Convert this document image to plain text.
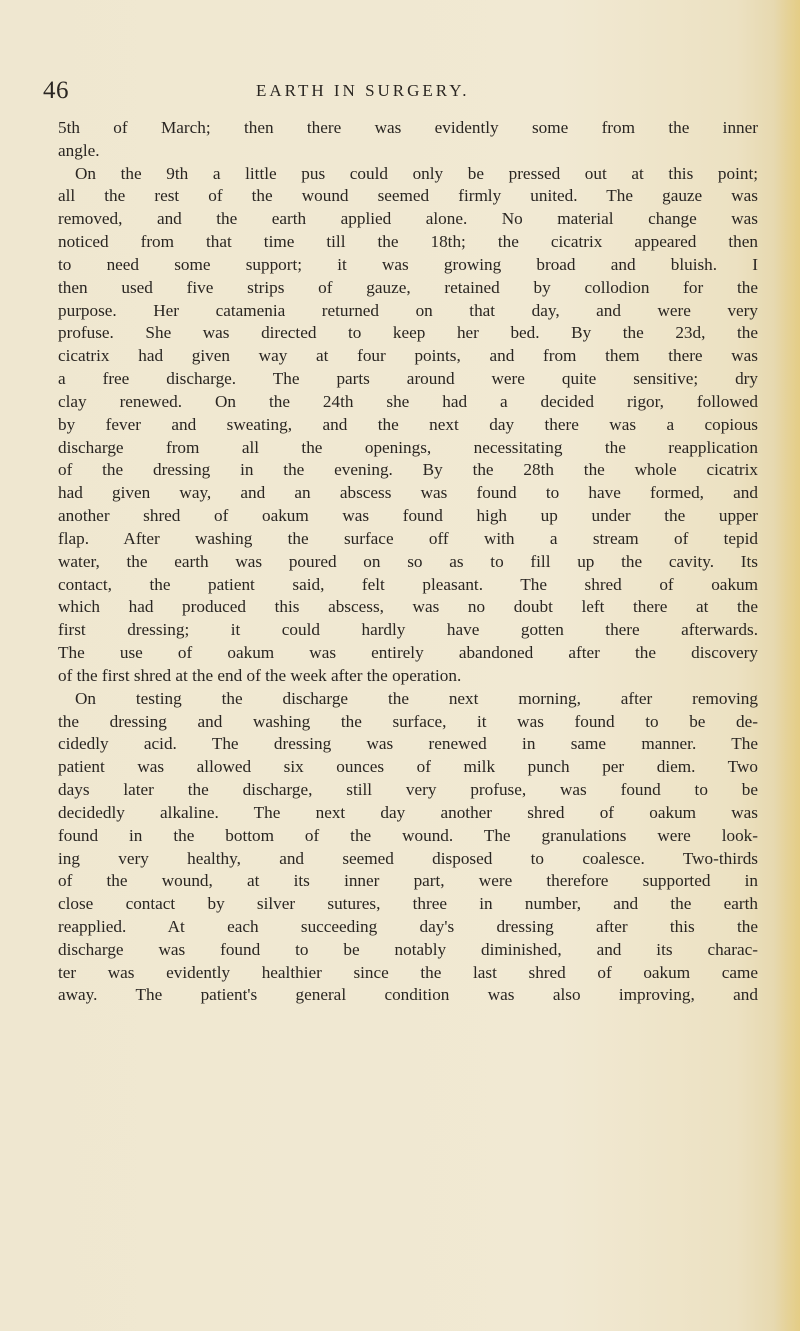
46	EARTH IN SURGERY.
5th of March; then there was evidently some from the inner
angle.
On the 9th a little pus could only be pressed out at this point;
all the rest of the wound seemed firmly united. The gauze was
removed, and the earth applied alone. No material change was
noticed from that time till the 18th; the cicatrix appeared then
to need some support; it was growing broad and bluish. I
then used five strips of gauze, retained by collodion for the
purpose. Her catamenia returned on that day, and were very
profuse. She was directed to keep her bed. By the 23d, the
cicatrix had given way at four points, and from them there was
a free discharge. The parts around were quite sensitive; dry
clay renewed. On the 24th she had a decided rigor, followed
by fever and sweating, and the next day there was a copious
discharge from all the openings, necessitating the reapplication
of the dressing in the evening. By the 28th the whole cicatrix
had given way, and an abscess was found to have formed, and
another shred of oakum was found high up under the upper
flap. After washing the surface off with a stream of tepid
water, the earth was poured on so as to fill up the cavity. Its
contact, the patient said, felt pleasant. The shred of oakum
which had produced this abscess, was no doubt left there at the
first dressing; it could hardly have gotten there afterwards.
The use of oakum was entirely abandoned after the discovery
of the first shred at the end of the week after the operation.
On testing the discharge the next morning, after removing
the dressing and washing the surface, it was found to be de-
cidedly acid. The dressing was renewed in same manner. The
patient was allowed six ounces of milk punch per diem. Two
days later the discharge, still very profuse, was found to be
decidedly alkaline. The next day another shred of oakum was
found in the bottom of the wound. The granulations were look-
ing very healthy, and seemed disposed to coalesce. Two-thirds
of the wound, at its inner part, were therefore supported in
close contact by silver sutures, three in number, and the earth
reapplied. At each succeeding day's dressing after this the
discharge was found to be notably diminished, and its charac-
ter was evidently healthier since the last shred of oakum came
away. The patient's general condition was also improving, and
